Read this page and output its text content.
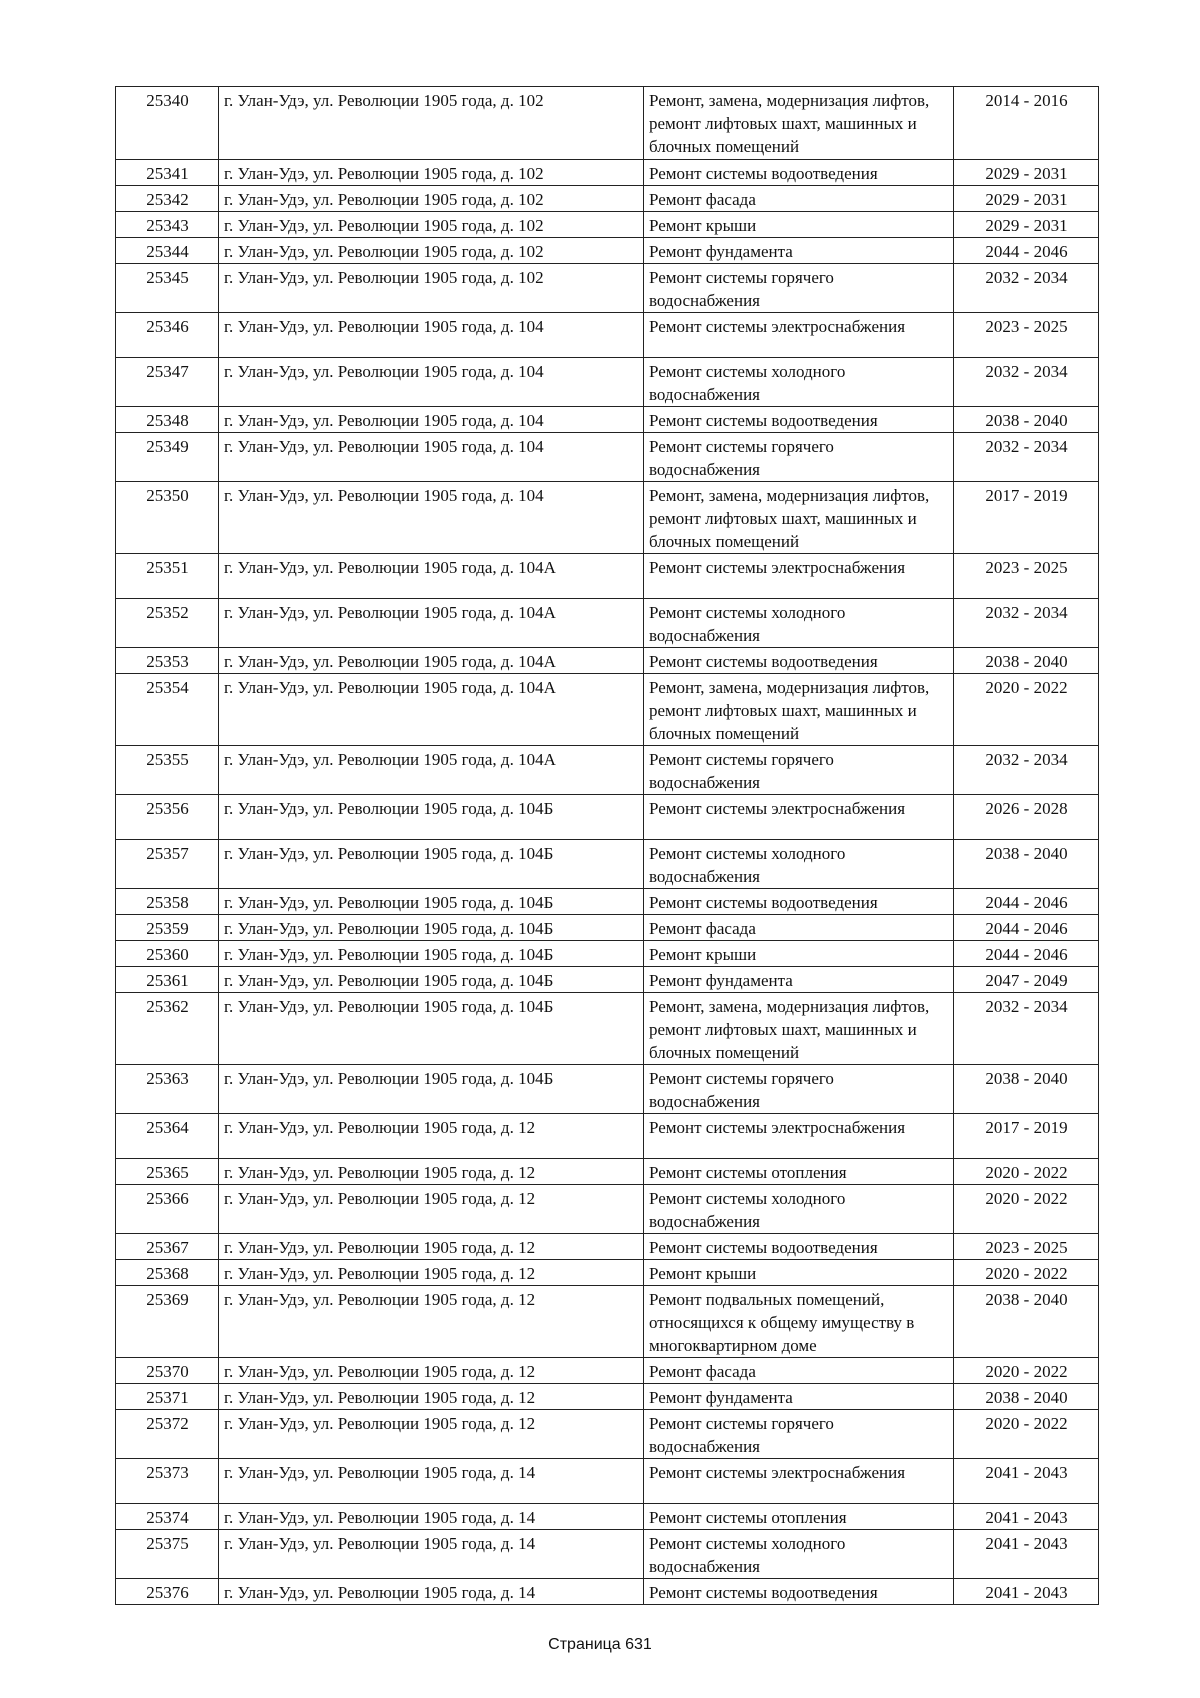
25340	г. Улан-Удэ, ул. Революции 1905 года, д. 102	Ремонт, замена, модернизация лифтов, ремонт лифтовых шахт, машинных и блочных помещений	2014 - 2016
25341	г. Улан-Удэ, ул. Революции 1905 года, д. 102	Ремонт системы водоотведения	2029 - 2031
25342	г. Улан-Удэ, ул. Революции 1905 года, д. 102	Ремонт фасада	2029 - 2031
25343	г. Улан-Удэ, ул. Революции 1905 года, д. 102	Ремонт крыши	2029 - 2031
25344	г. Улан-Удэ, ул. Революции 1905 года, д. 102	Ремонт фундамента	2044 - 2046
25345	г. Улан-Удэ, ул. Революции 1905 года, д. 102	Ремонт системы горячего водоснабжения	2032 - 2034
25346	г. Улан-Удэ, ул. Революции 1905 года, д. 104	Ремонт системы электроснабжения	2023 - 2025
25347	г. Улан-Удэ, ул. Революции 1905 года, д. 104	Ремонт системы холодного водоснабжения	2032 - 2034
25348	г. Улан-Удэ, ул. Революции 1905 года, д. 104	Ремонт системы водоотведения	2038 - 2040
25349	г. Улан-Удэ, ул. Революции 1905 года, д. 104	Ремонт системы горячего водоснабжения	2032 - 2034
25350	г. Улан-Удэ, ул. Революции 1905 года, д. 104	Ремонт, замена, модернизация лифтов, ремонт лифтовых шахт, машинных и блочных помещений	2017 - 2019
25351	г. Улан-Удэ, ул. Революции 1905 года, д. 104А	Ремонт системы электроснабжения	2023 - 2025
25352	г. Улан-Удэ, ул. Революции 1905 года, д. 104А	Ремонт системы холодного водоснабжения	2032 - 2034
25353	г. Улан-Удэ, ул. Революции 1905 года, д. 104А	Ремонт системы водоотведения	2038 - 2040
25354	г. Улан-Удэ, ул. Революции 1905 года, д. 104А	Ремонт, замена, модернизация лифтов, ремонт лифтовых шахт, машинных и блочных помещений	2020 - 2022
25355	г. Улан-Удэ, ул. Революции 1905 года, д. 104А	Ремонт системы горячего водоснабжения	2032 - 2034
25356	г. Улан-Удэ, ул. Революции 1905 года, д. 104Б	Ремонт системы электроснабжения	2026 - 2028
25357	г. Улан-Удэ, ул. Революции 1905 года, д. 104Б	Ремонт системы холодного водоснабжения	2038 - 2040
25358	г. Улан-Удэ, ул. Революции 1905 года, д. 104Б	Ремонт системы водоотведения	2044 - 2046
25359	г. Улан-Удэ, ул. Революции 1905 года, д. 104Б	Ремонт фасада	2044 - 2046
25360	г. Улан-Удэ, ул. Революции 1905 года, д. 104Б	Ремонт крыши	2044 - 2046
25361	г. Улан-Удэ, ул. Революции 1905 года, д. 104Б	Ремонт фундамента	2047 - 2049
25362	г. Улан-Удэ, ул. Революции 1905 года, д. 104Б	Ремонт, замена, модернизация лифтов, ремонт лифтовых шахт, машинных и блочных помещений	2032 - 2034
25363	г. Улан-Удэ, ул. Революции 1905 года, д. 104Б	Ремонт системы горячего водоснабжения	2038 - 2040
25364	г. Улан-Удэ, ул. Революции 1905 года, д. 12	Ремонт системы электроснабжения	2017 - 2019
25365	г. Улан-Удэ, ул. Революции 1905 года, д. 12	Ремонт системы отопления	2020 - 2022
25366	г. Улан-Удэ, ул. Революции 1905 года, д. 12	Ремонт системы холодного водоснабжения	2020 - 2022
25367	г. Улан-Удэ, ул. Революции 1905 года, д. 12	Ремонт системы водоотведения	2023 - 2025
25368	г. Улан-Удэ, ул. Революции 1905 года, д. 12	Ремонт крыши	2020 - 2022
25369	г. Улан-Удэ, ул. Революции 1905 года, д. 12	Ремонт подвальных помещений, относящихся к общему имуществу в многоквартирном доме	2038 - 2040
25370	г. Улан-Удэ, ул. Революции 1905 года, д. 12	Ремонт фасада	2020 - 2022
25371	г. Улан-Удэ, ул. Революции 1905 года, д. 12	Ремонт фундамента	2038 - 2040
25372	г. Улан-Удэ, ул. Революции 1905 года, д. 12	Ремонт системы горячего водоснабжения	2020 - 2022
25373	г. Улан-Удэ, ул. Революции 1905 года, д. 14	Ремонт системы электроснабжения	2041 - 2043
25374	г. Улан-Удэ, ул. Революции 1905 года, д. 14	Ремонт системы отопления	2041 - 2043
25375	г. Улан-Удэ, ул. Революции 1905 года, д. 14	Ремонт системы холодного водоснабжения	2041 - 2043
25376	г. Улан-Удэ, ул. Революции 1905 года, д. 14	Ремонт системы водоотведения	2041 - 2043
Страница 631
